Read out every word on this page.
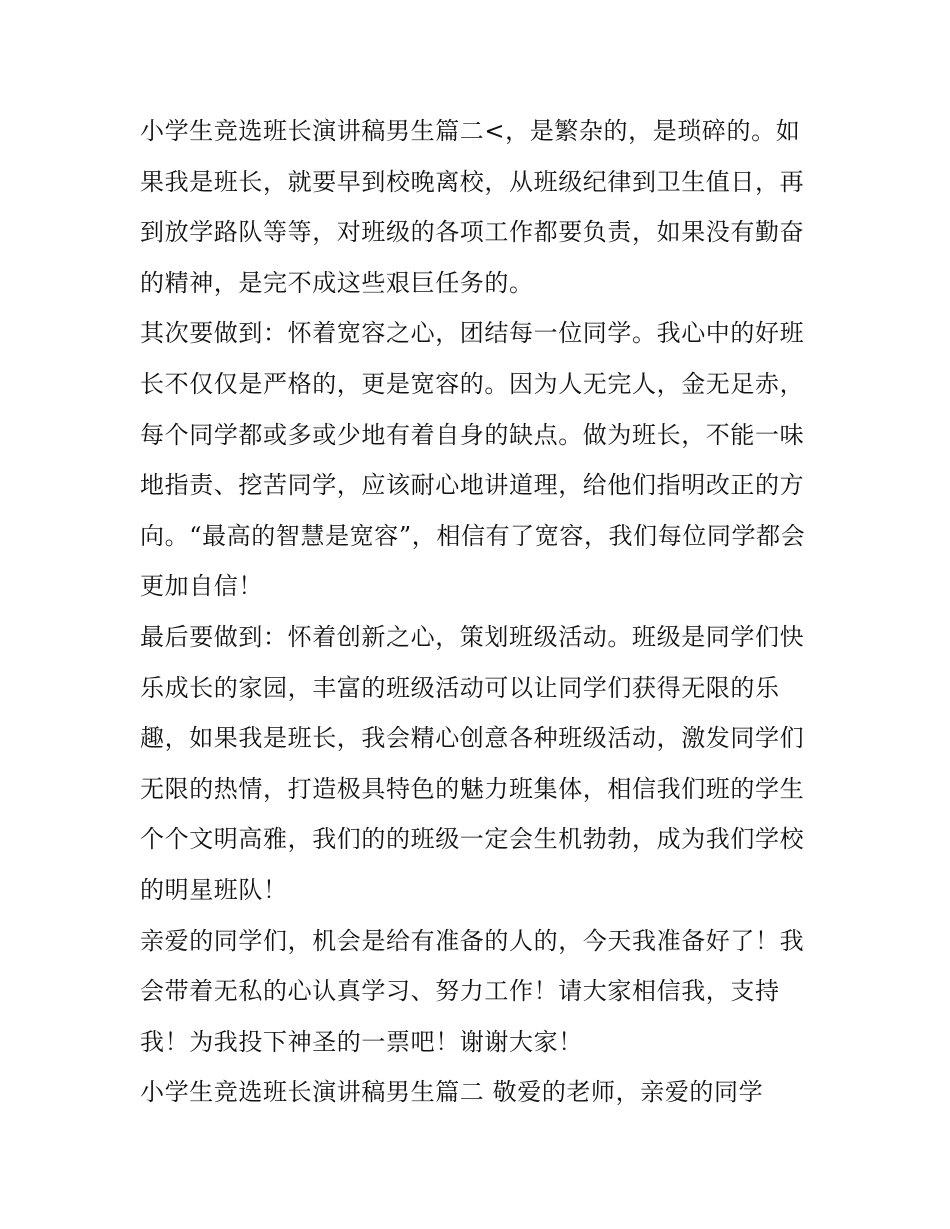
小学生竞选班长演讲稿男生篇二<，是繁杂的，是琐碎的。如
果我是班长，就要早到校晚离校，从班级纪律到卫生值日，再
到放学路队等等，对班级的各项工作都要负责，如果没有勤奋
的精神，是完不成这些艰巨任务的。
其次要做到：怀着宽容之心，团结每一位同学。我心中的好班
长不仅仅是严格的，更是宽容的。因为人无完人，金无足赤，
每个同学都或多或少地有着自身的缺点。做为班长，不能一味
地指责、挖苦同学，应该耐心地讲道理，给他们指明改正的方
向。“最高的智慧是宽容”，相信有了宽容，我们每位同学都会
更加自信！
最后要做到：怀着创新之心，策划班级活动。班级是同学们快
乐成长的家园，丰富的班级活动可以让同学们获得无限的乐
趣，如果我是班长，我会精心创意各种班级活动，激发同学们
无限的热情，打造极具特色的魅力班集体，相信我们班的学生
个个文明高雅，我们的的班级一定会生机勃勃，成为我们学校
的明星班队！
亲爱的同学们，机会是给有准备的人的，今天我准备好了！我
会带着无私的心认真学习、努力工作！请大家相信我，支持
我！为我投下神圣的一票吧！谢谢大家！
小学生竞选班长演讲稿男生篇二 敬爱的老师，亲爱的同学
